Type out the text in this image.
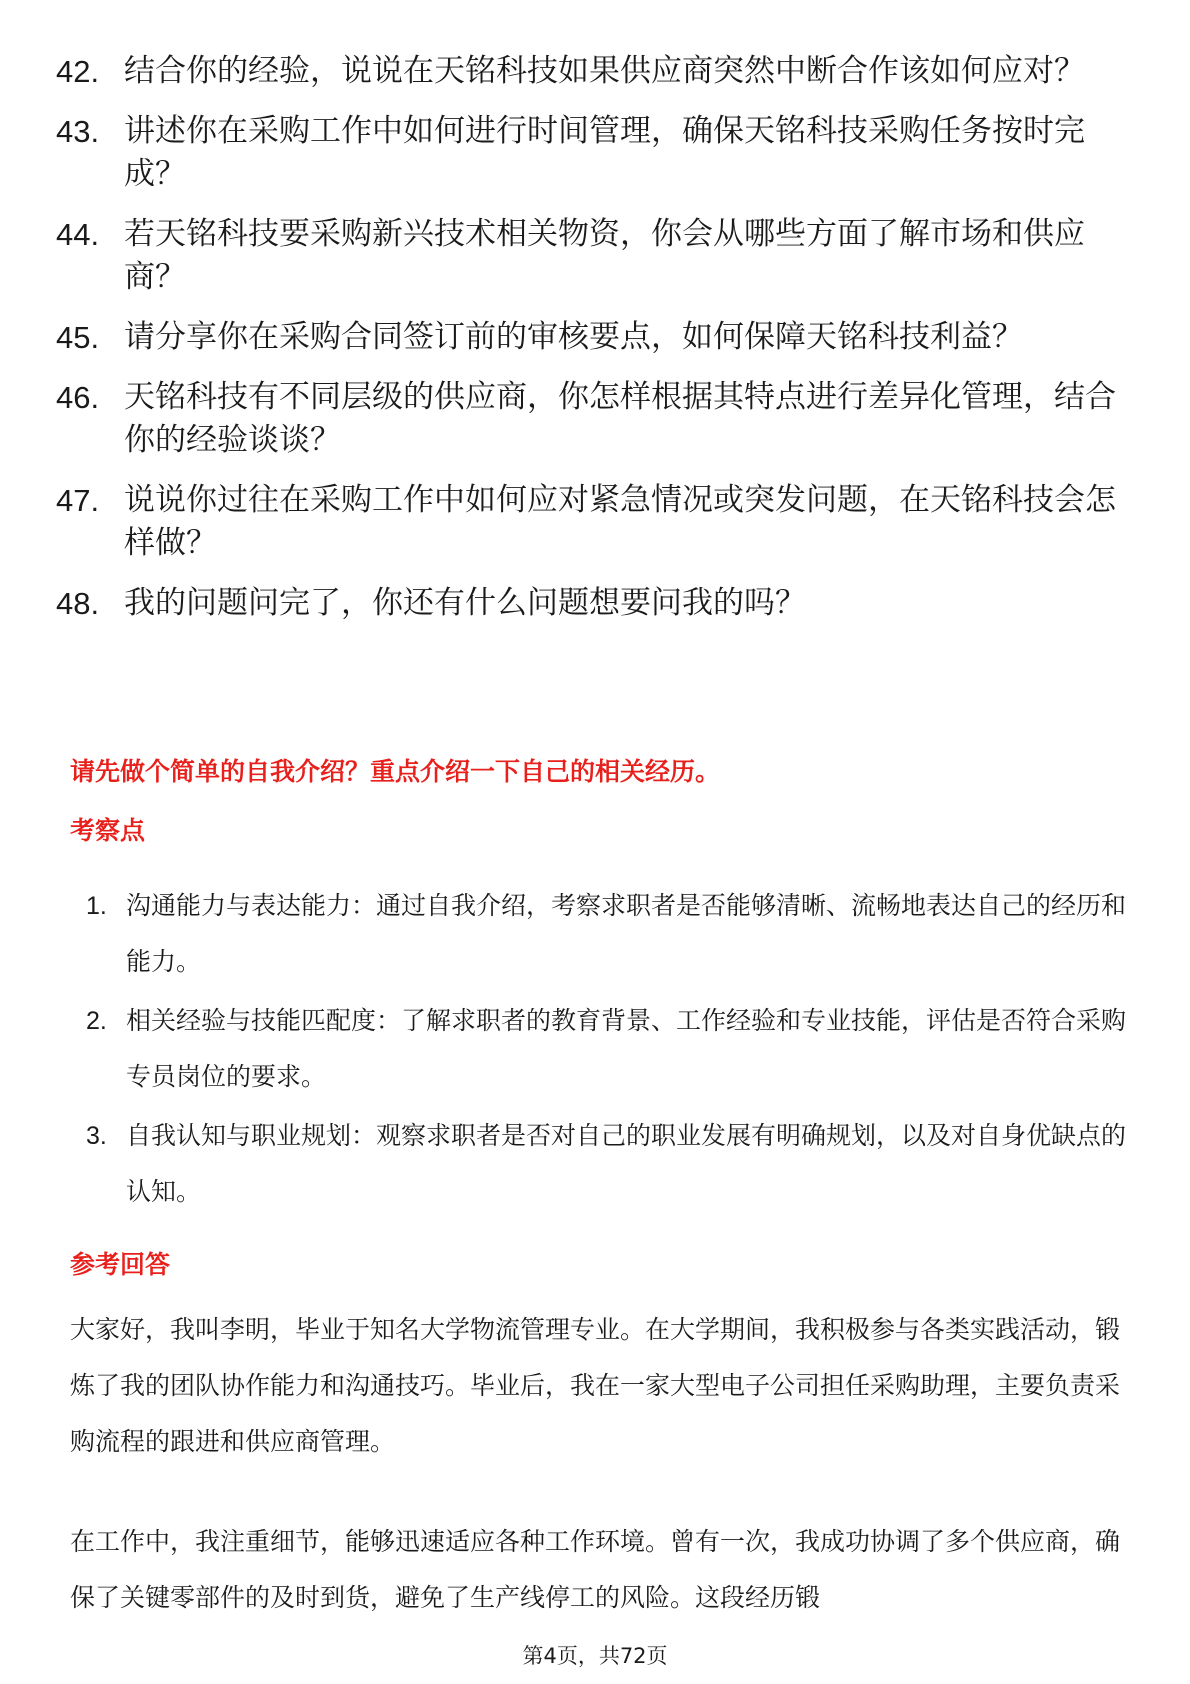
42. 结合你的经验，说说在天铭科技如果供应商突然中断合作该如何应对？
43. 讲述你在采购工作中如何进行时间管理，确保天铭科技采购任务按时完成？
44. 若天铭科技要采购新兴技术相关物资，你会从哪些方面了解市场和供应商？
45. 请分享你在采购合同签订前的审核要点，如何保障天铭科技利益？
46. 天铭科技有不同层级的供应商，你怎样根据其特点进行差异化管理，结合你的经验谈谈？
47. 说说你过往在采购工作中如何应对紧急情况或突发问题，在天铭科技会怎样做？
48. 我的问题问完了，你还有什么问题想要问我的吗？
请先做个简单的自我介绍？重点介绍一下自己的相关经历。
考察点
1. 沟通能力与表达能力：通过自我介绍，考察求职者是否能够清晰、流畅地表达自己的经历和能力。
2. 相关经验与技能匹配度：了解求职者的教育背景、工作经验和专业技能，评估是否符合采购专员岗位的要求。
3. 自我认知与职业规划：观察求职者是否对自己的职业发展有明确规划，以及对自身优缺点的认知。
参考回答
大家好，我叫李明，毕业于知名大学物流管理专业。在大学期间，我积极参与各类实践活动，锻炼了我的团队协作能力和沟通技巧。毕业后，我在一家大型电子公司担任采购助理，主要负责采购流程的跟进和供应商管理。
在工作中，我注重细节，能够迅速适应各种工作环境。曾有一次，我成功协调了多个供应商，确保了关键零部件的及时到货，避免了生产线停工的风险。这段经历锻
第4页，共72页
